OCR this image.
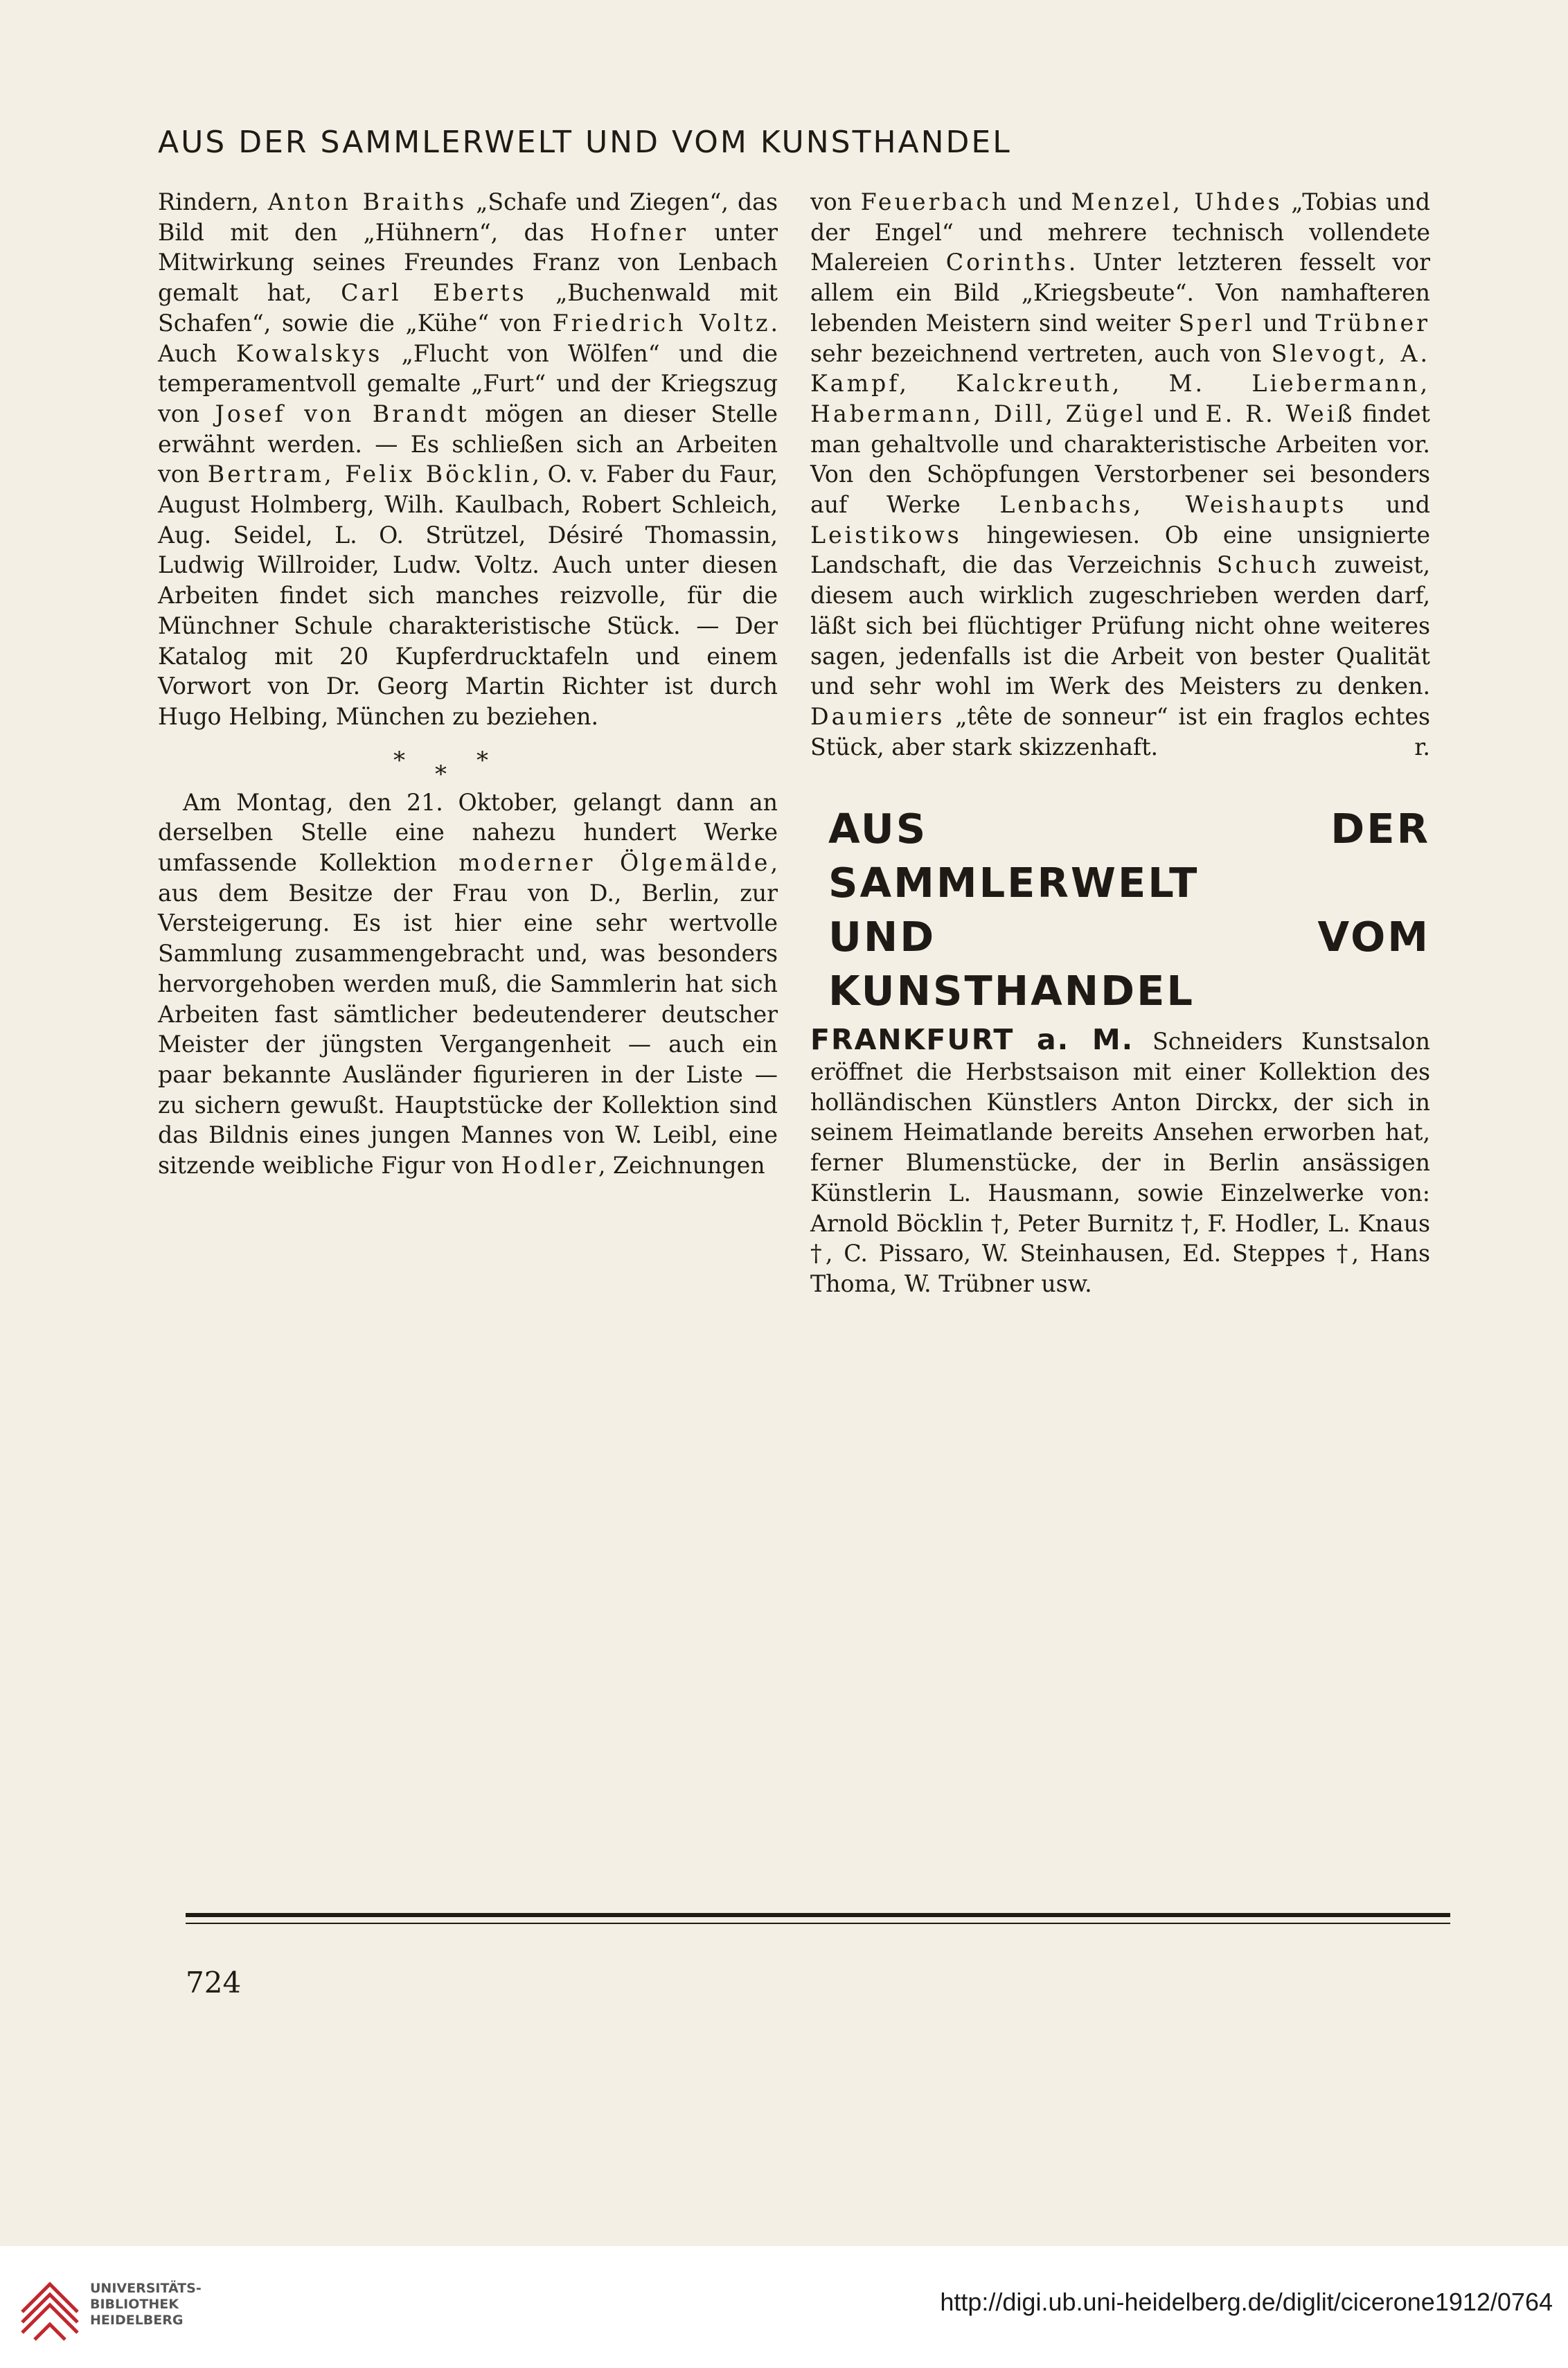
AUS DER SAMMLERWELT UND VOM KUNSTHANDEL

Rindern, Anton Braiths „Schafe und Ziegen“, das Bild mit den „Hühnern“, das Hofner unter Mitwirkung seines Freundes Franz von Lenbach gemalt hat, Carl Eberts „Buchenwald mit Schafen“, sowie die „Kühe“ von Friedrich Voltz. Auch Kowalskys „Flucht von Wölfen“ und die temperamentvoll gemalte „Furt“ und der Kriegszug von Josef von Brandt mögen an dieser Stelle erwähnt werden. — Es schließen sich an Arbeiten von Bertram, Felix Böcklin, O. v. Faber du Faur, August Holmberg, Wilh. Kaulbach, Robert Schleich, Aug. Seidel, L. O. Strützel, Désiré Thomassin, Ludwig Willroider, Ludw. Voltz. Auch unter diesen Arbeiten findet sich manches reizvolle, für die Münchner Schule charakteristische Stück. — Der Katalog mit 20 Kupferdrucktafeln und einem Vorwort von Dr. Georg Martin Richter ist durch Hugo Helbing, München zu beziehen.

* * *

Am Montag, den 21. Oktober, gelangt dann an derselben Stelle eine nahezu hundert Werke umfassende Kollektion moderner Ölgemälde, aus dem Besitze der Frau von D., Berlin, zur Versteigerung. Es ist hier eine sehr wertvolle Sammlung zusammengebracht und, was besonders hervorgehoben werden muß, die Sammlerin hat sich Arbeiten fast sämtlicher bedeutenderer deutscher Meister der jüngsten Vergangenheit — auch ein paar bekannte Ausländer figurieren in der Liste — zu sichern gewußt. Hauptstücke der Kollektion sind das Bildnis eines jungen Mannes von W. Leibl, eine sitzende weibliche Figur von Hodler, Zeichnungen

von Feuerbach und Menzel, Uhdes „Tobias und der Engel“ und mehrere technisch vollendete Malereien Corinths. Unter letzteren fesselt vor allem ein Bild „Kriegsbeute“. Von namhafteren lebenden Meistern sind weiter Sperl und Trübner sehr bezeichnend vertreten, auch von Slevogt, A. Kampf, Kalckreuth, M. Liebermann, Habermann, Dill, Zügel und E. R. Weiß findet man gehaltvolle und charakteristische Arbeiten vor. Von den Schöpfungen Verstorbener sei besonders auf Werke Lenbachs, Weishaupts und Leistikows hingewiesen. Ob eine unsignierte Landschaft, die das Verzeichnis Schuch zuweist, diesem auch wirklich zugeschrieben werden darf, läßt sich bei flüchtiger Prüfung nicht ohne weiteres sagen, jedenfalls ist die Arbeit von bester Qualität und sehr wohl im Werk des Meisters zu denken. Daumiers „tête de sonneur“ ist ein fraglos echtes Stück, aber stark skizzenhaft.	r.

AUS DER SAMMLERWELT
UND VOM KUNSTHANDEL

FRANKFURT a. M. Schneiders Kunstsalon eröffnet die Herbstsaison mit einer Kollektion des holländischen Künstlers Anton Dirckx, der sich in seinem Heimatlande bereits Ansehen erworben hat, ferner Blumenstücke, der in Berlin ansässigen Künstlerin L. Hausmann, sowie Einzelwerke von: Arnold Böcklin †, Peter Burnitz †, F. Hodler, L. Knaus †, C. Pissaro, W. Steinhausen, Ed. Steppes †, Hans Thoma, W. Trübner usw.

724
UNIVERSITÄTS-
BIBLIOTHEK
HEIDELBERG
http://digi.ub.uni-heidelberg.de/diglit/cicerone1912/0764
